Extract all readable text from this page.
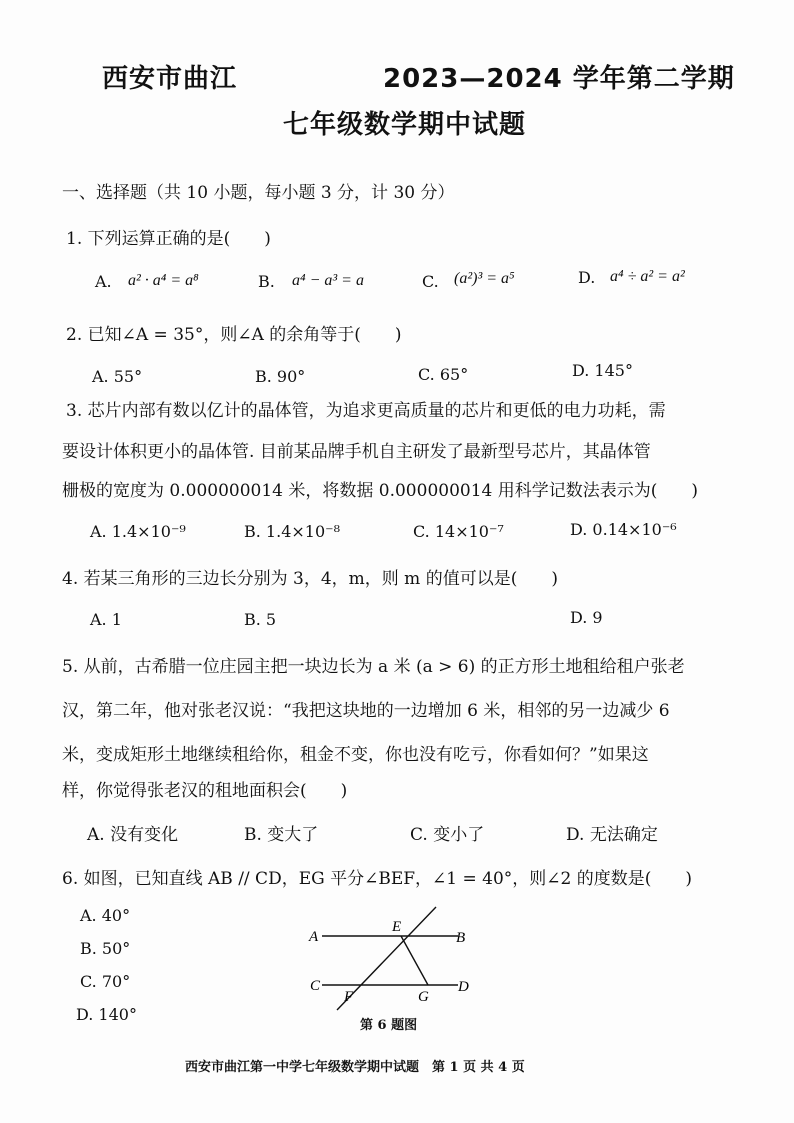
西安市曲江	2023—2024 学年第二学期
七年级数学期中试题
一、选择题（共 10 小题，每小题 3 分，计 30 分）
1. 下列运算正确的是(　　)
A. a² · a⁴ = a⁸	B. a⁴ − a³ = a	C. (a²)³ = a⁵	D. a⁴ ÷ a² = a²
2. 已知∠A = 35°，则∠A 的余角等于(　　)
A. 55°	B. 90°	C. 65°	D. 145°
3. 芯片内部有数以亿计的晶体管，为追求更高质量的芯片和更低的电力功耗，需
要设计体积更小的晶体管. 目前某品牌手机自主研发了最新型号芯片，其晶体管
栅极的宽度为 0.000000014 米，将数据 0.000000014 用科学记数法表示为(　　)
A. 1.4×10⁻⁹	B. 1.4×10⁻⁸	C. 14×10⁻⁷	D. 0.14×10⁻⁶
4. 若某三角形的三边长分别为 3，4，m，则 m 的值可以是(　　)
A. 1	B. 5	D. 9
5. 从前，古希腊一位庄园主把一块边长为 a 米 (a > 6) 的正方形土地租给租户张老
汉，第二年，他对张老汉说：“我把这块地的一边增加 6 米，相邻的另一边减少 6
米，变成矩形土地继续租给你，租金不变，你也没有吃亏，你看如何？”如果这
样，你觉得张老汉的租地面积会(　　)
A. 没有变化	B. 变大了	C. 变小了	D. 无法确定
6. 如图，已知直线 AB // CD，EG 平分∠BEF，∠1 = 40°，则∠2 的度数是(　　)
A. 40°
B. 50°
C. 70°
D. 140°
A
E
B
C
F	G
D
第 6 题图
西安市曲江第一中学七年级数学期中试题　第 1 页 共 4 页
